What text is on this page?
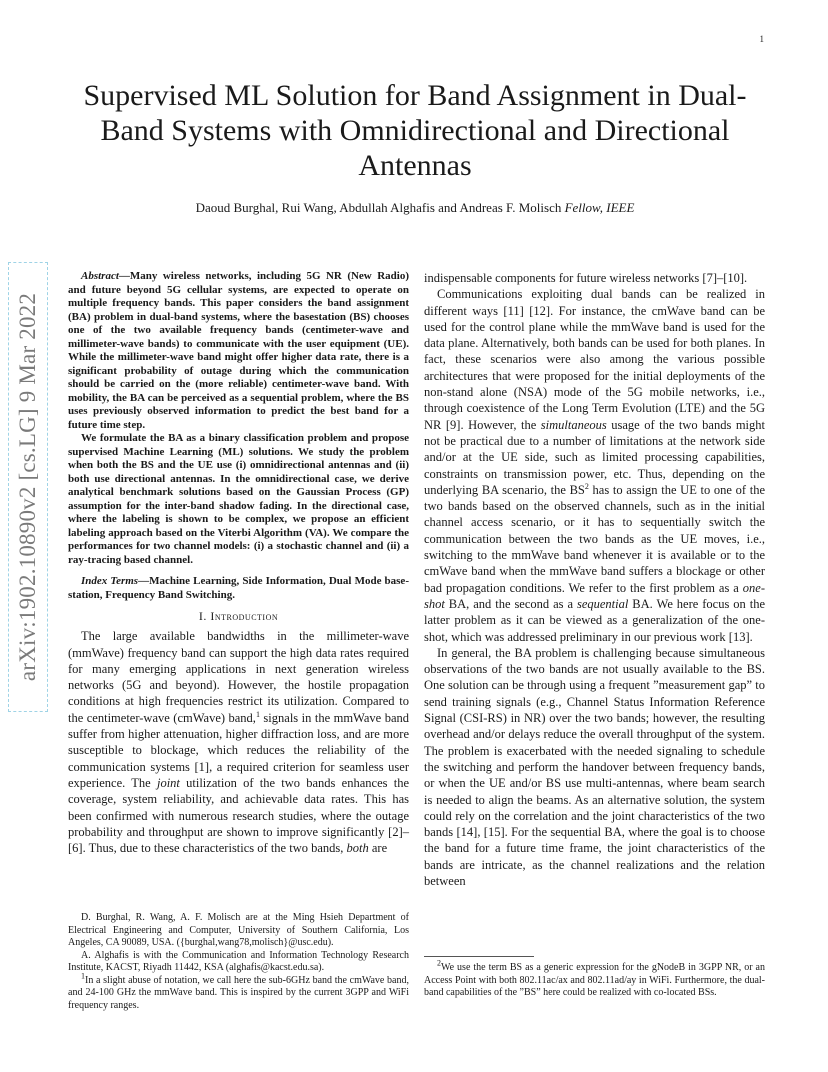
1
arXiv:1902.10890v2 [cs.LG] 9 Mar 2022
Supervised ML Solution for Band Assignment in Dual-Band Systems with Omnidirectional and Directional Antennas
Daoud Burghal, Rui Wang, Abdullah Alghafis and Andreas F. Molisch Fellow, IEEE

Abstract—Many wireless networks, including 5G NR (New Radio) and future beyond 5G cellular systems, are expected to operate on multiple frequency bands. This paper considers the band assignment (BA) problem in dual-band systems, where the basestation (BS) chooses one of the two available frequency bands (centimeter-wave and millimeter-wave bands) to communicate with the user equipment (UE). While the millimeter-wave band might offer higher data rate, there is a significant probability of outage during which the communication should be carried on the (more reliable) centimeter-wave band. With mobility, the BA can be perceived as a sequential problem, where the BS uses previously observed information to predict the best band for a future time step.

We formulate the BA as a binary classification problem and propose supervised Machine Learning (ML) solutions. We study the problem when both the BS and the UE use (i) omnidirectional antennas and (ii) both use directional antennas. In the omnidirectional case, we derive analytical benchmark solutions based on the Gaussian Process (GP) assumption for the inter-band shadow fading. In the directional case, where the labeling is shown to be complex, we propose an efficient labeling approach based on the Viterbi Algorithm (VA). We compare the performances for two channel models: (i) a stochastic channel and (ii) a ray-tracing based channel.

Index Terms—Machine Learning, Side Information, Dual Mode base-station, Frequency Band Switching.

I. Introduction

The large available bandwidths in the millimeter-wave (mmWave) frequency band can support the high data rates required for many emerging applications in next generation wireless networks (5G and beyond). However, the hostile propagation conditions at high frequencies restrict its utilization. Compared to the centimeter-wave (cmWave) band,$^1$ signals in the mmWave band suffer from higher attenuation, higher diffraction loss, and are more susceptible to blockage, which reduces the reliability of the communication systems [1], a required criterion for seamless user experience. The joint utilization of the two bands enhances the coverage, system reliability, and achievable data rates. This has been confirmed with numerous research studies, where the outage probability and throughput are shown to improve significantly [2]–[6]. Thus, due to these characteristics of the two bands, both are

D. Burghal, R. Wang, A. F. Molisch are at the Ming Hsieh Department of Electrical Engineering and Computer, University of Southern California, Los Angeles, CA 90089, USA. ({burghal,wang78,molisch}@usc.edu).

A. Alghafis is with the Communication and Information Technology Research Institute, KACST, Riyadh 11442, KSA (alghafis@kacst.edu.sa).

$^1$In a slight abuse of notation, we call here the sub-6GHz band the cmWave band, and 24-100 GHz the mmWave band. This is inspired by the current 3GPP and WiFi frequency ranges.

indispensable components for future wireless networks [7]–[10].

Communications exploiting dual bands can be realized in different ways [11] [12]. For instance, the cmWave band can be used for the control plane while the mmWave band is used for the data plane. Alternatively, both bands can be used for both planes. In fact, these scenarios were also among the various possible architectures that were proposed for the initial deployments of the non-stand alone (NSA) mode of the 5G mobile networks, i.e., through coexistence of the Long Term Evolution (LTE) and the 5G NR [9]. However, the simultaneous usage of the two bands might not be practical due to a number of limitations at the network side and/or at the UE side, such as limited processing capabilities, constraints on transmission power, etc. Thus, depending on the underlying BA scenario, the $BS^2$ has to assign the UE to one of the two bands based on the observed channels, such as in the initial channel access scenario, or it has to sequentially switch the communication between the two bands as the UE moves, i.e., switching to the mmWave band whenever it is available or to the cmWave band when the mmWave band suffers a blockage or other bad propagation conditions. We refer to the first problem as a one-shot BA, and the second as a sequential BA. We here focus on the latter problem as it can be viewed as a generalization of the one-shot, which was addressed preliminary in our previous work [13].

In general, the BA problem is challenging because simultaneous observations of the two bands are not usually available to the BS. One solution can be through using a frequent ”measurement gap” to send training signals (e.g., Channel Status Information Reference Signal (CSI-RS) in NR) over the two bands; however, the resulting overhead and/or delays reduce the overall throughput of the system. The problem is exacerbated with the needed signaling to schedule the switching and perform the handover between frequency bands, or when the UE and/or BS use multi-antennas, where beam search is needed to align the beams. As an alternative solution, the system could rely on the correlation and the joint characteristics of the two bands [14], [15]. For the sequential BA, where the goal is to choose the band for a future time frame, the joint characteristics of the bands are intricate, as the channel realizations and the relation between

$^2$We use the term BS as a generic expression for the gNodeB in 3GPP NR, or an Access Point with both 802.11ac/ax and 802.11ad/ay in WiFi. Furthermore, the dual-band capabilities of the ”BS” here could be realized with co-located BSs.
